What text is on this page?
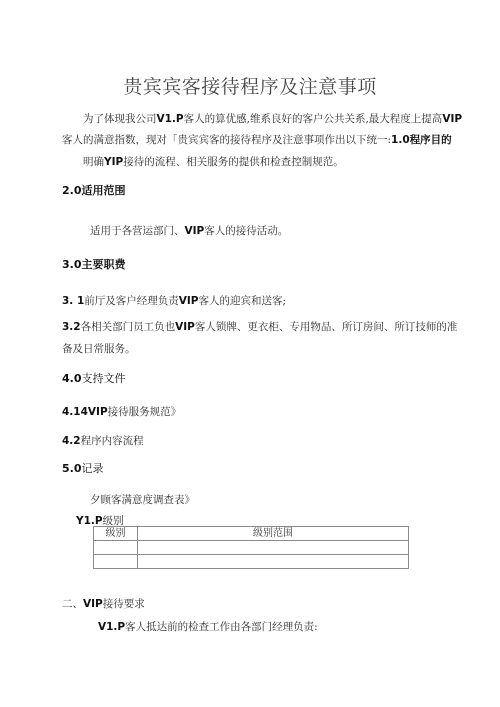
贵宾宾客接待程序及注意事项
为了体现我公司V1.P客人的算优感,维系良好的客户公共关系,最大程度上提高VIP
客人的满意指数，现对「贵宾宾客的接待程序及注意事项作出以下统一:1.0程序目的
明确YIP接待的流程、相关服务的提供和检查控制规范。
2.0适用范围
适用于各营运部门、VIP客人的接待活动。
3.0主要职费
3. 1前厅及客户经理负责VIP客人的迎宾和送客;
3.2各相关部门员工负也VIP客人锁牌、更衣柜、专用物品、所订房间、所订技师的准
备及日常服务。
4.0支持文件
4.14VIP接待服务规范》
4.2程序内容流程
5.0记录
夕顾客满意度调查表》
Y1.P级别
级别	级别范围

二、VIP接待要求
V1.P客人抵达前的检查工作由各部门经理负责:
